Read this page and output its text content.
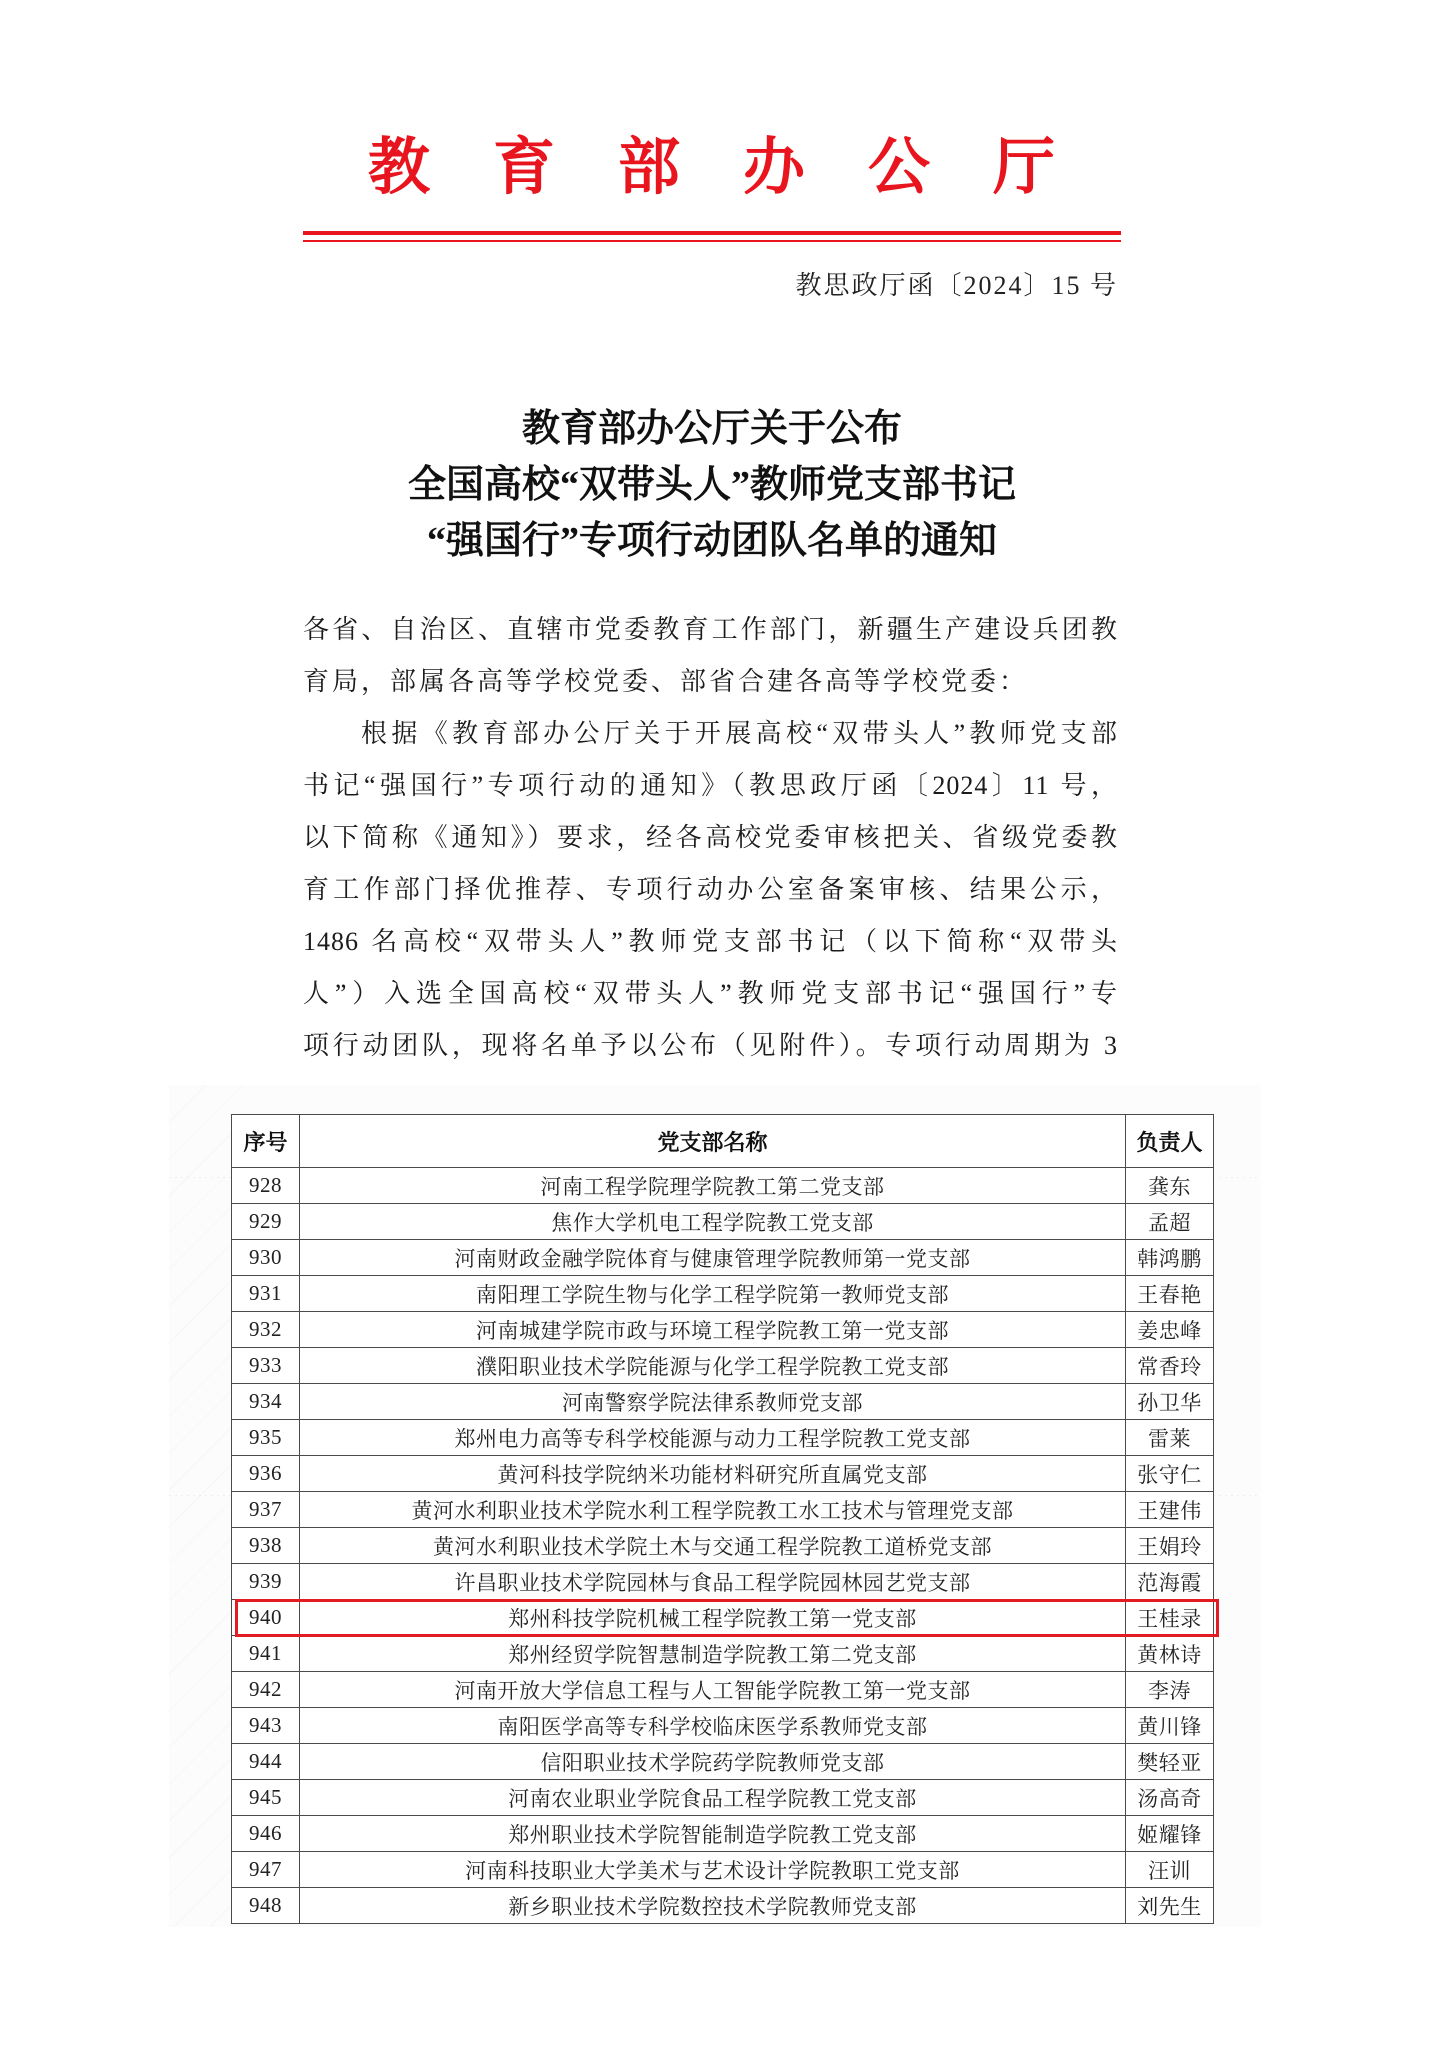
教育部办公厅
教思政厅函〔2024〕15 号
教育部办公厅关于公布
全国高校“双带头人”教师党支部书记
“强国行”专项行动团队名单的通知
各省、自治区、直辖市党委教育工作部门，新疆生产建设兵团教
育局，部属各高等学校党委、部省合建各高等学校党委：
根据《教育部办公厅关于开展高校“双带头人”教师党支部
书记“强国行”专项行动的通知》（教思政厅函〔2024〕11 号，
以下简称《通知》）要求，经各高校党委审核把关、省级党委教
育工作部门择优推荐、专项行动办公室备案审核、结果公示，
1486 名高校“双带头人”教师党支部书记（以下简称“双带头
人”）入选全国高校“双带头人”教师党支部书记“强国行”专
项行动团队，现将名单予以公布（见附件）。专项行动周期为 3
序号	党支部名称	负责人
928	河南工程学院理学院教工第二党支部	龚东
929	焦作大学机电工程学院教工党支部	孟超
930	河南财政金融学院体育与健康管理学院教师第一党支部	韩鸿鹏
931	南阳理工学院生物与化学工程学院第一教师党支部	王春艳
932	河南城建学院市政与环境工程学院教工第一党支部	姜忠峰
933	濮阳职业技术学院能源与化学工程学院教工党支部	常香玲
934	河南警察学院法律系教师党支部	孙卫华
935	郑州电力高等专科学校能源与动力工程学院教工党支部	雷莱
936	黄河科技学院纳米功能材料研究所直属党支部	张守仁
937	黄河水利职业技术学院水利工程学院教工水工技术与管理党支部	王建伟
938	黄河水利职业技术学院土木与交通工程学院教工道桥党支部	王娟玲
939	许昌职业技术学院园林与食品工程学院园林园艺党支部	范海霞
940	郑州科技学院机械工程学院教工第一党支部	王桂录
941	郑州经贸学院智慧制造学院教工第二党支部	黄林诗
942	河南开放大学信息工程与人工智能学院教工第一党支部	李涛
943	南阳医学高等专科学校临床医学系教师党支部	黄川锋
944	信阳职业技术学院药学院教师党支部	樊轻亚
945	河南农业职业学院食品工程学院教工党支部	汤高奇
946	郑州职业技术学院智能制造学院教工党支部	姬耀锋
947	河南科技职业大学美术与艺术设计学院教职工党支部	汪训
948	新乡职业技术学院数控技术学院教师党支部	刘先生
